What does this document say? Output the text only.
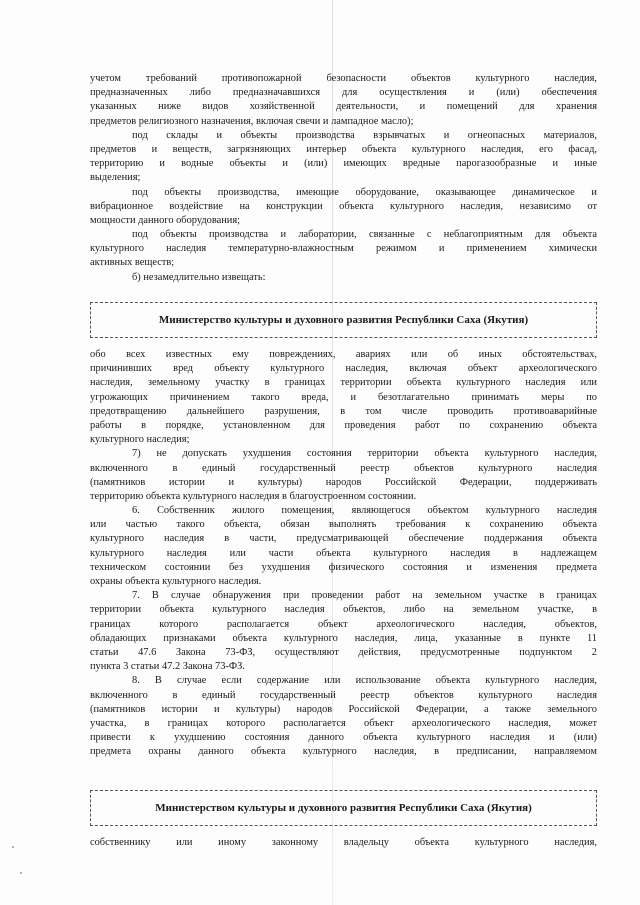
учетом требований противопожарной безопасности объектов культурного наследия,
предназначенных либо предназначавшихся для осуществления и (или) обеспечения
указанных ниже видов хозяйственной деятельности, и помещений для хранения
предметов религиозного назначения, включая свечи и лампадное масло);
под склады и объекты производства взрывчатых и огнеопасных материалов,
предметов и веществ, загрязняющих интерьер объекта культурного наследия, его фасад,
территорию и водные объекты и (или) имеющих вредные парогазообразные и иные
выделения;
под объекты производства, имеющие оборудование, оказывающее динамическое и
вибрационное воздействие на конструкции объекта культурного наследия, независимо от
мощности данного оборудования;
под объекты производства и лаборатории, связанные с неблагоприятным для объекта
культурного наследия температурно-влажностным режимом и применением химически
активных веществ;
б) незамедлительно извещать:
Министерство культуры и духовного развития Республики Саха (Якутия)
обо всех известных ему повреждениях, авариях или об иных обстоятельствах,
причинивших вред объекту культурного наследия, включая объект археологического
наследия, земельному участку в границах территории объекта культурного наследия или
угрожающих причинением такого вреда, и безотлагательно принимать меры по
предотвращению дальнейшего разрушения, в том числе проводить противоаварийные
работы в порядке, установленном для проведения работ по сохранению объекта
культурного наследия;
7) не допускать ухудшения состояния территории объекта культурного наследия,
включенного в единый государственный реестр объектов культурного наследия
(памятников истории и культуры) народов Российской Федерации, поддерживать
территорию объекта культурного наследия в благоустроенном состоянии.
6. Собственник жилого помещения, являющегося объектом культурного наследия
или частью такого объекта, обязан выполнять требования к сохранению объекта
культурного наследия в части, предусматривающей обеспечение поддержания объекта
культурного наследия или части объекта культурного наследия в надлежащем
техническом состоянии без ухудшения физического состояния и изменения предмета
охраны объекта культурного наследия.
7. В случае обнаружения при проведении работ на земельном участке в границах
территории объекта культурного наследия объектов, либо на земельном участке, в
границах которого располагается объект археологического наследия, объектов,
обладающих признаками объекта культурного наследия, лица, указанные в пункте 11
статьи 47.6 Закона 73-ФЗ, осуществляют действия, предусмотренные подпунктом 2
пункта 3 статьи 47.2 Закона 73-ФЗ.
8. В случае если содержание или использование объекта культурного наследия,
включенного в единый государственный реестр объектов культурного наследия
(памятников истории и культуры) народов Российской Федерации, а также земельного
участка, в границах которого располагается объект археологического наследия, может
привести к ухудшению состояния данного объекта культурного наследия и (или)
предмета охраны данного объекта культурного наследия, в предписании, направляемом
Министерством культуры и духовного развития Республики Саха (Якутия)
собственнику или иному законному владельцу объекта культурного наследия,
